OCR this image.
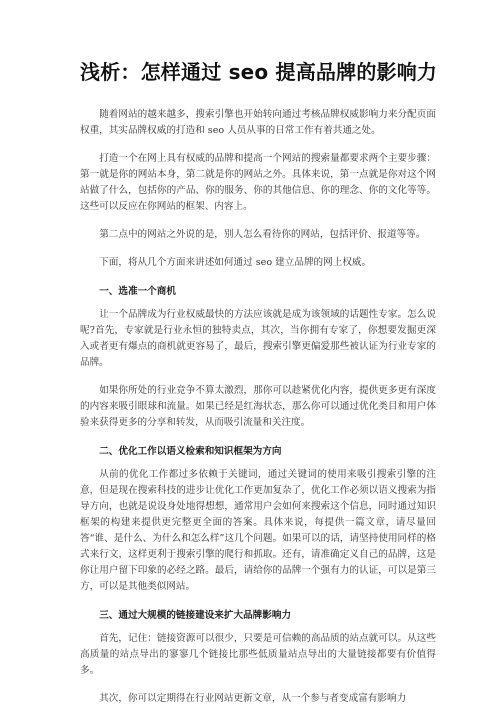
浅析：怎样通过 seo 提高品牌的影响力

随着网站的越来越多，搜索引擎也开始转向通过考核品牌权威影响力来分配页面权重，其实品牌权威的打造和 seo 人员从事的日常工作有着共通之处。

打造一个在网上具有权威的品牌和提高一个网站的搜索量都要求两个主要步骤：第一就是你的网站本身，第二就是你的网站之外。具体来说，第一点就是你对这个网站做了什么，包括你的产品、你的服务、你的其他信息、你的理念、你的文化等等。这些可以反应在你网站的框架、内容上。

第二点中的网站之外说的是，别人怎么看待你的网站，包括评价、报道等等。

下面，将从几个方面来讲述如何通过 seo 建立品牌的网上权威。

一、选准一个商机

让一个品牌成为行业权威最快的方法应该就是成为该领域的话题性专家。怎么说呢?首先，专家就是行业永恒的独特卖点，其次，当你拥有专家了，你想要发掘更深入或者更有爆点的商机就更容易了，最后，搜索引擎更偏爱那些被认证为行业专家的品牌。

如果你所处的行业竞争不算太激烈，那你可以趁紧优化内容，提供更多更有深度的内容来吸引眼球和流量。如果已经是红海状态，那么你可以通过优化类目和用户体验来获得更多的分享和转发，从而吸引流量和关注度。

二、优化工作以语义检索和知识框架为方向

从前的优化工作都过多依赖于关键词，通过关键词的使用来吸引搜索引擎的注意，但是现在搜索科技的进步让优化工作更加复杂了，优化工作必须以语义搜索为指导方向，也就是说设身处地得想想，通常用户会如何来搜索这个信息，同时通过知识框架的构建来提供更完整更全面的答案。具体来说，每提供一篇文章，请尽量回答“谁、是什么、为什么和怎么样”这几个问题。如果可以的话，请坚持使用同样的格式来行文，这样更利于搜索引擎的爬行和抓取。还有，请准确定义自己的品牌，这是你让用户留下印象的必经之路。最后，请给你的品牌一个强有力的认证，可以是第三方，可以是其他类似网站。

三、通过大规模的链接建设来扩大品牌影响力

首先，记住：链接资源可以很少，只要是可信赖的高品质的站点就可以。从这些高质量的站点导出的寥寥几个链接比那些低质量站点导出的大量链接都要有价值得多。

其次，你可以定期得在行业网站更新文章，从一个参与者变成富有影响力
